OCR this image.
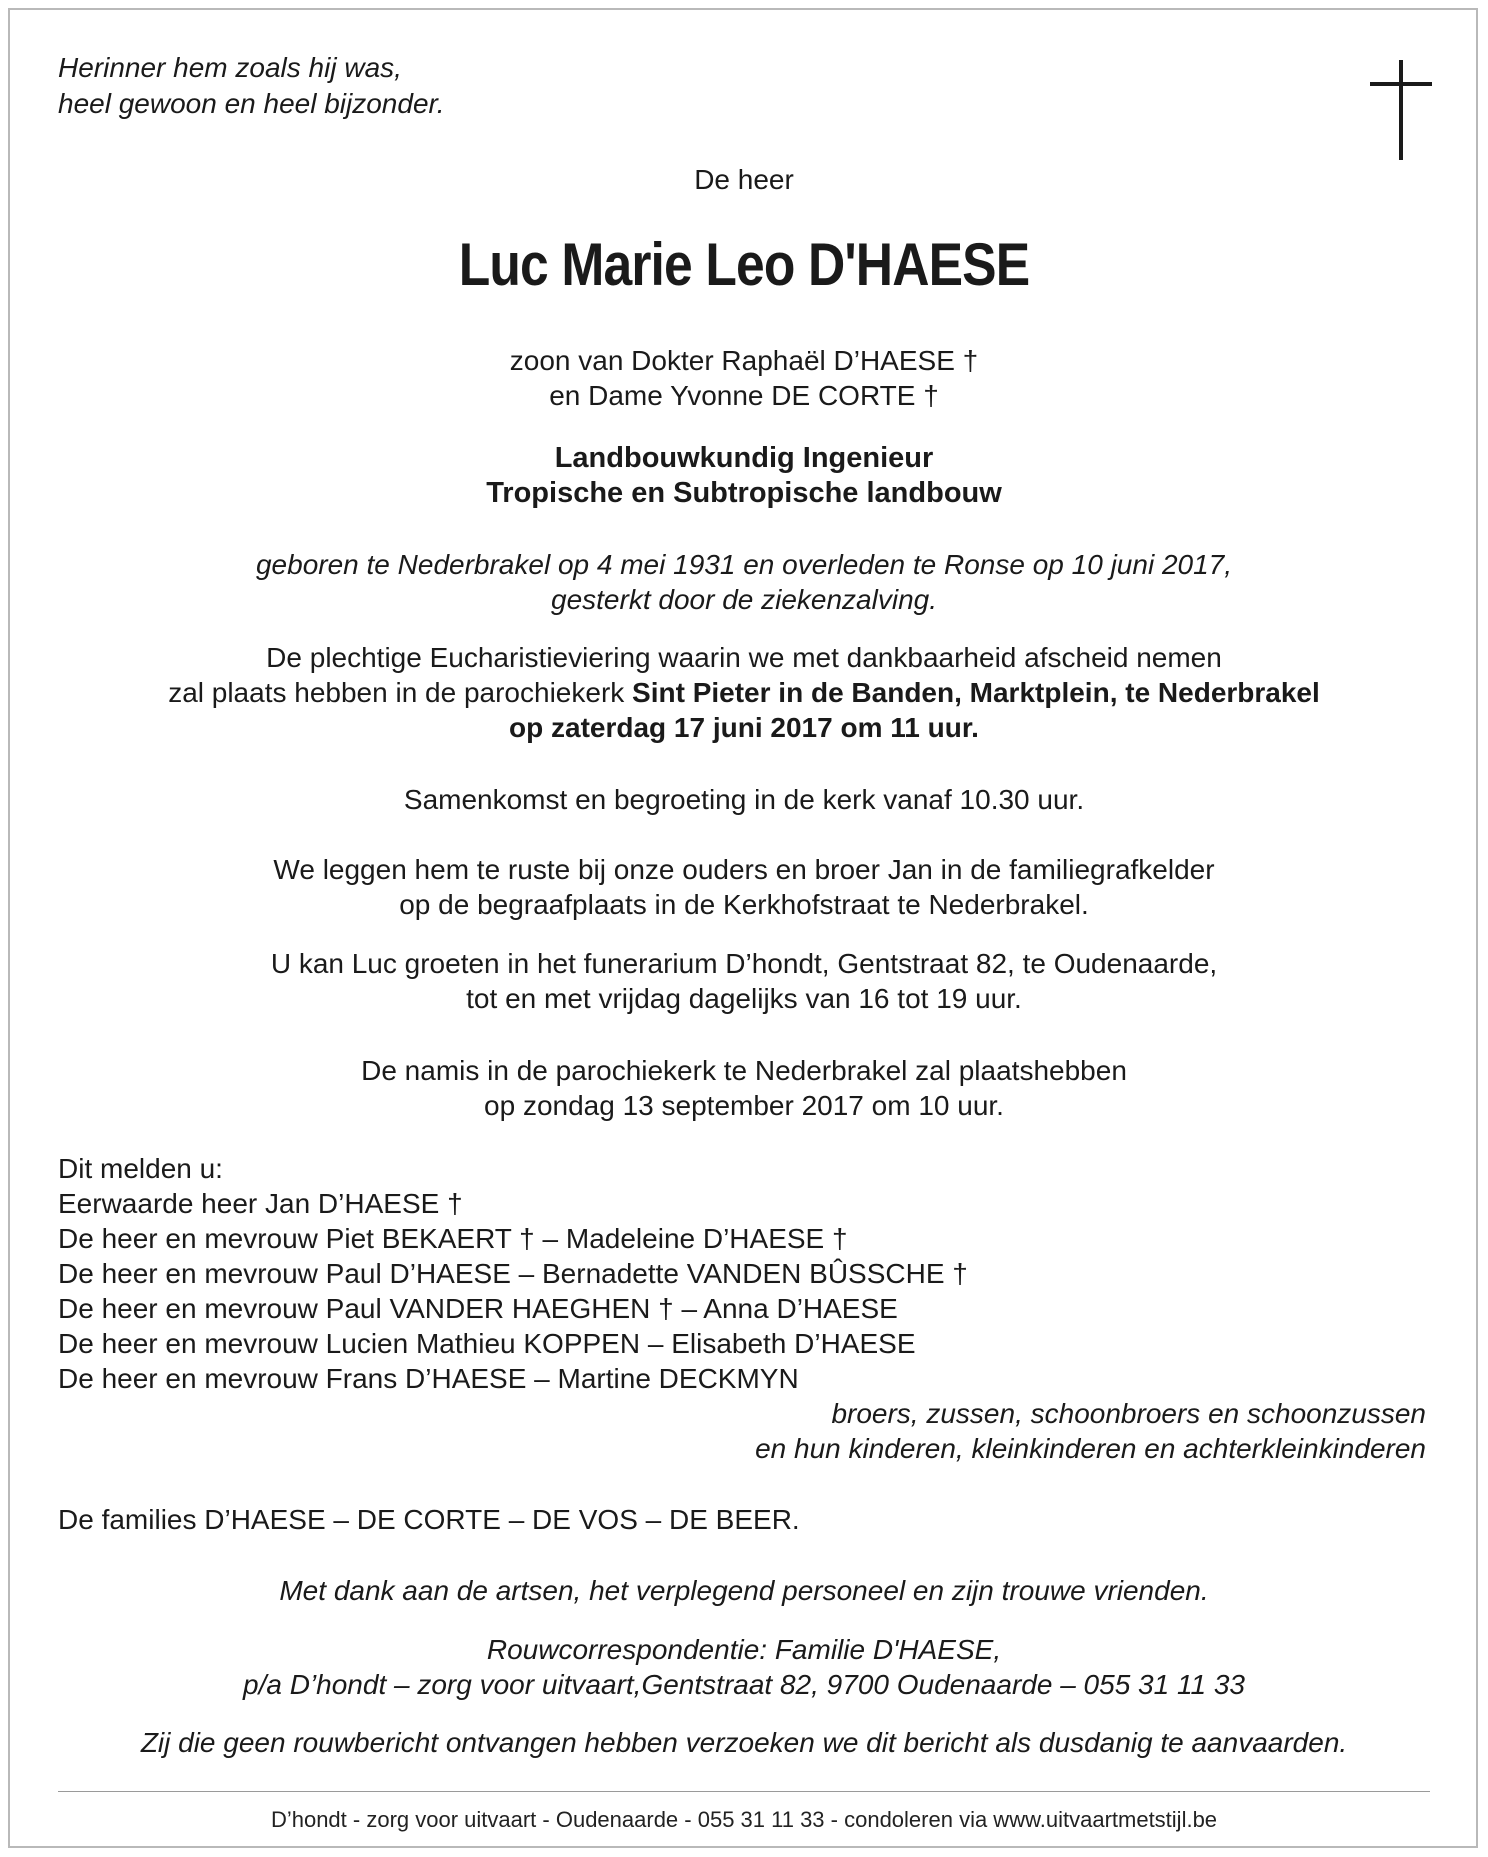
Herinner hem zoals hij was,
heel gewoon en heel bijzonder.
De heer
Luc Marie Leo D'HAESE
zoon van Dokter Raphaël D’HAESE †
en Dame Yvonne DE CORTE †
Landbouwkundig Ingenieur
Tropische en Subtropische landbouw
geboren te Nederbrakel op 4 mei 1931 en overleden te Ronse op 10 juni 2017,
gesterkt door de ziekenzalving.
De plechtige Eucharistieviering waarin we met dankbaarheid afscheid nemen
zal plaats hebben in de parochiekerk Sint Pieter in de Banden, Marktplein, te Nederbrakel
op zaterdag 17 juni 2017 om 11 uur.
Samenkomst en begroeting in de kerk vanaf 10.30 uur.
We leggen hem te ruste bij onze ouders en broer Jan in de familiegrafkelder
op de begraafplaats in de Kerkhofstraat te Nederbrakel.
U kan Luc groeten in het funerarium D’hondt, Gentstraat 82, te Oudenaarde,
tot en met vrijdag dagelijks van 16 tot 19 uur.
De namis in de parochiekerk te Nederbrakel zal plaatshebben
op zondag 13 september 2017 om 10 uur.
Dit melden u:
Eerwaarde heer Jan D’HAESE †
De heer en mevrouw Piet BEKAERT † – Madeleine D’HAESE †
De heer en mevrouw Paul D’HAESE – Bernadette VANDEN BÛSSCHE †
De heer en mevrouw Paul VANDER HAEGHEN † – Anna D’HAESE
De heer en mevrouw Lucien Mathieu KOPPEN – Elisabeth D’HAESE
De heer en mevrouw Frans D’HAESE – Martine DECKMYN
broers, zussen, schoonbroers en schoonzussen
en hun kinderen, kleinkinderen en achterkleinkinderen
De families D’HAESE – DE CORTE – DE VOS – DE BEER.
Met dank aan de artsen, het verplegend personeel en zijn trouwe vrienden.
Rouwcorrespondentie: Familie D'HAESE,
p/a D’hondt – zorg voor uitvaart,Gentstraat 82, 9700 Oudenaarde – 055 31 11 33
Zij die geen rouwbericht ontvangen hebben verzoeken we dit bericht als dusdanig te aanvaarden.
D’hondt - zorg voor uitvaart - Oudenaarde - 055 31 11 33 - condoleren via www.uitvaartmetstijl.be
